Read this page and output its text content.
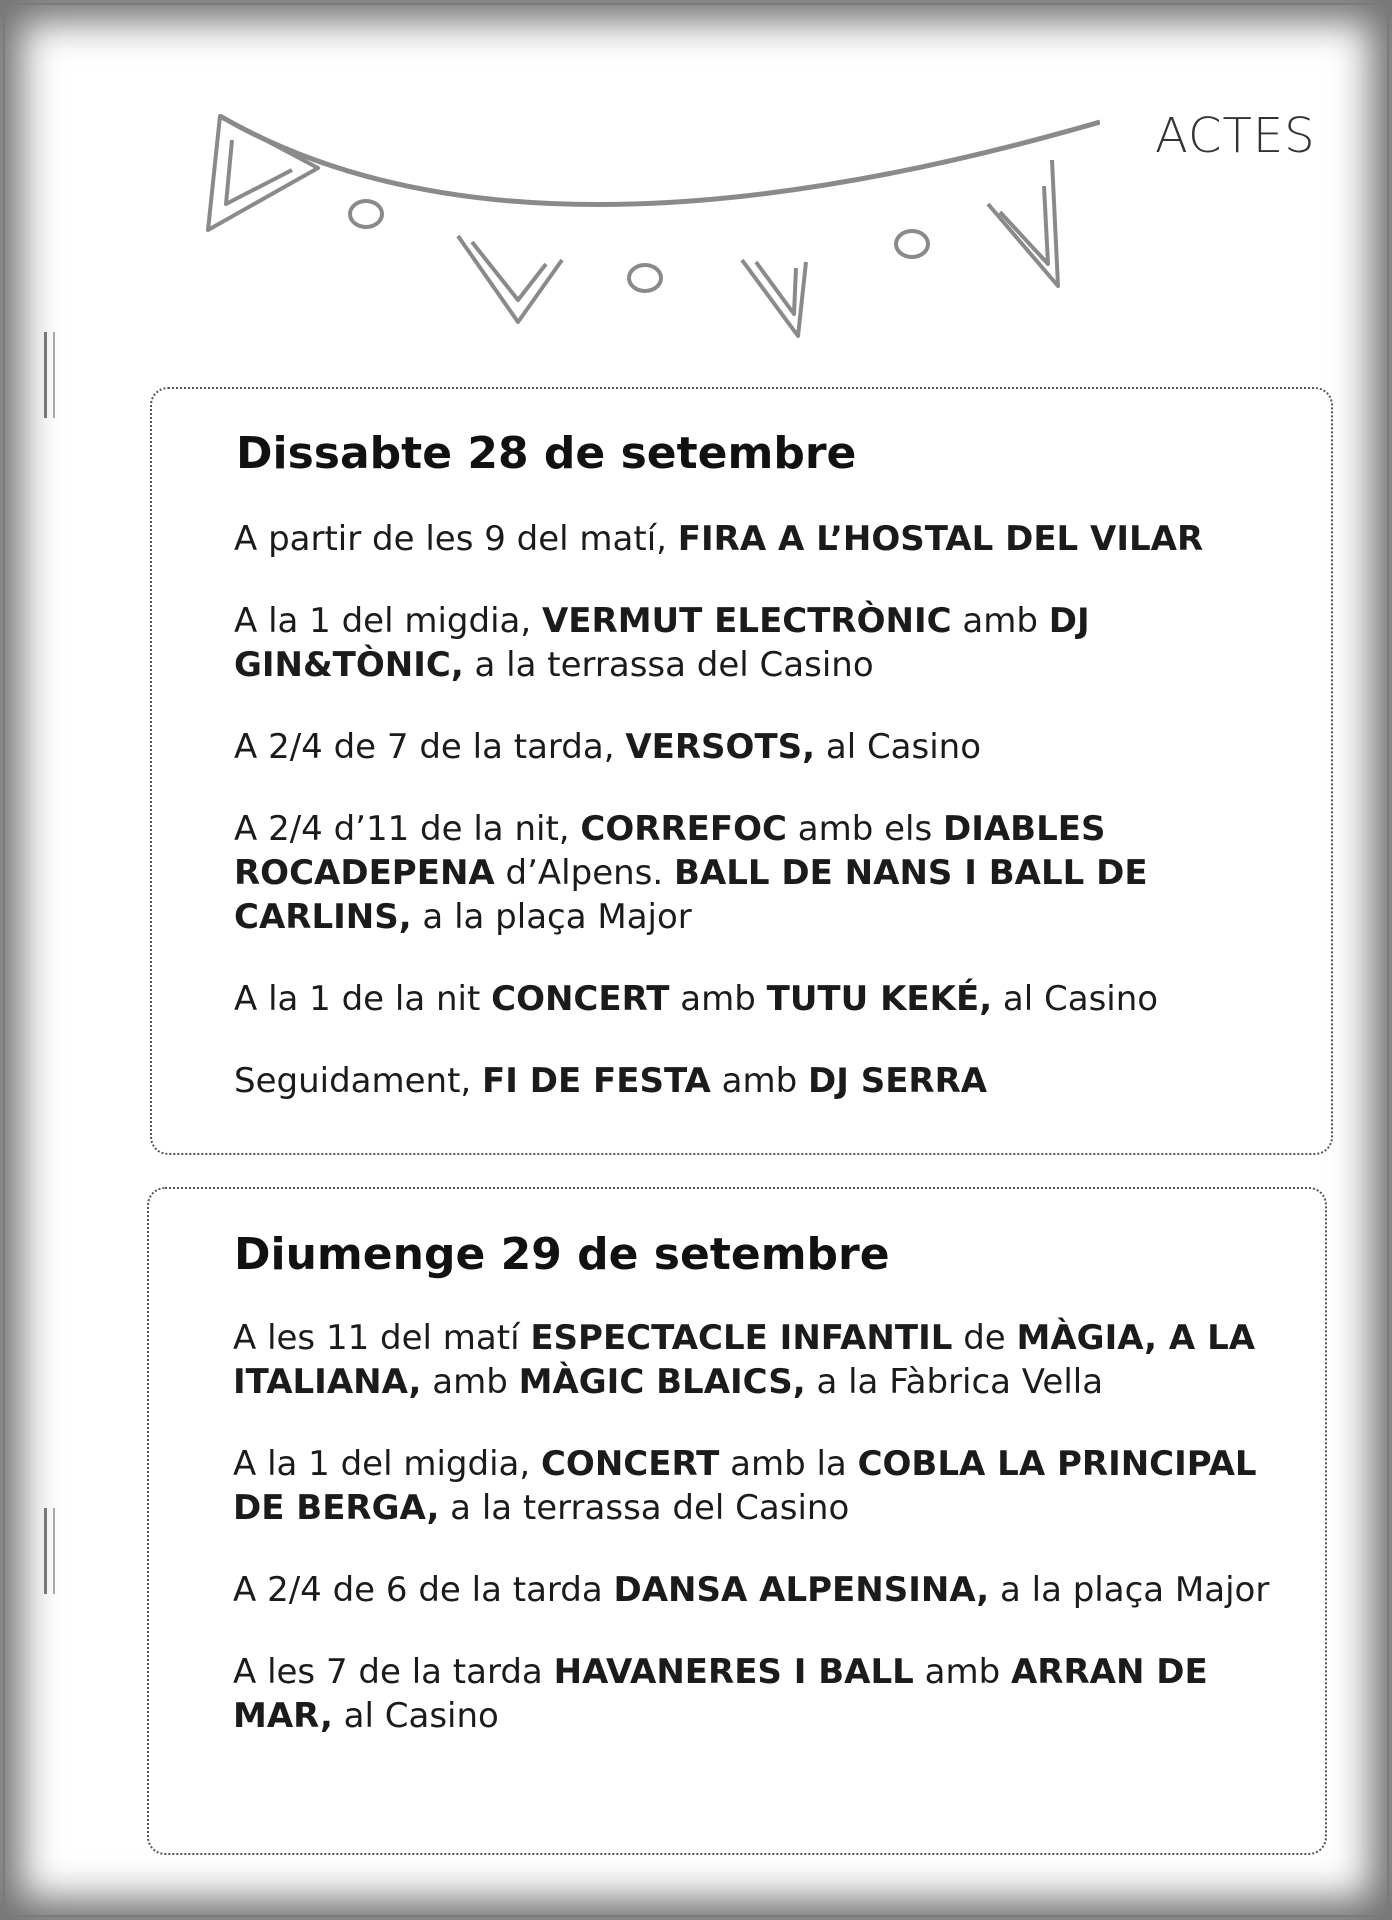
ACTES
Dissabte 28 de setembre
A partir de les 9 del matí, FIRA A L’HOSTAL DEL VILAR
A la 1 del migdia, VERMUT ELECTRÒNIC amb DJ GIN&TÒNIC, a la terrassa del Casino
A 2/4 de 7 de la tarda, VERSOTS, al Casino
A 2/4 d’11 de la nit, CORREFOC amb els DIABLES ROCADEPENA d’Alpens. BALL DE NANS I BALL DE CARLINS, a la plaça Major
A la 1 de la nit CONCERT amb TUTU KEKÉ, al Casino
Seguidament, FI DE FESTA amb DJ SERRA
Diumenge 29 de setembre
A les 11 del matí ESPECTACLE INFANTIL de MÀGIA, A LA ITALIANA, amb MÀGIC BLAICS, a la Fàbrica Vella
A la 1 del migdia, CONCERT amb la COBLA LA PRINCIPAL DE BERGA, a la terrassa del Casino
A 2/4 de 6 de la tarda DANSA ALPENSINA, a la plaça Major
A les 7 de la tarda HAVANERES I BALL amb ARRAN DE MAR, al Casino
